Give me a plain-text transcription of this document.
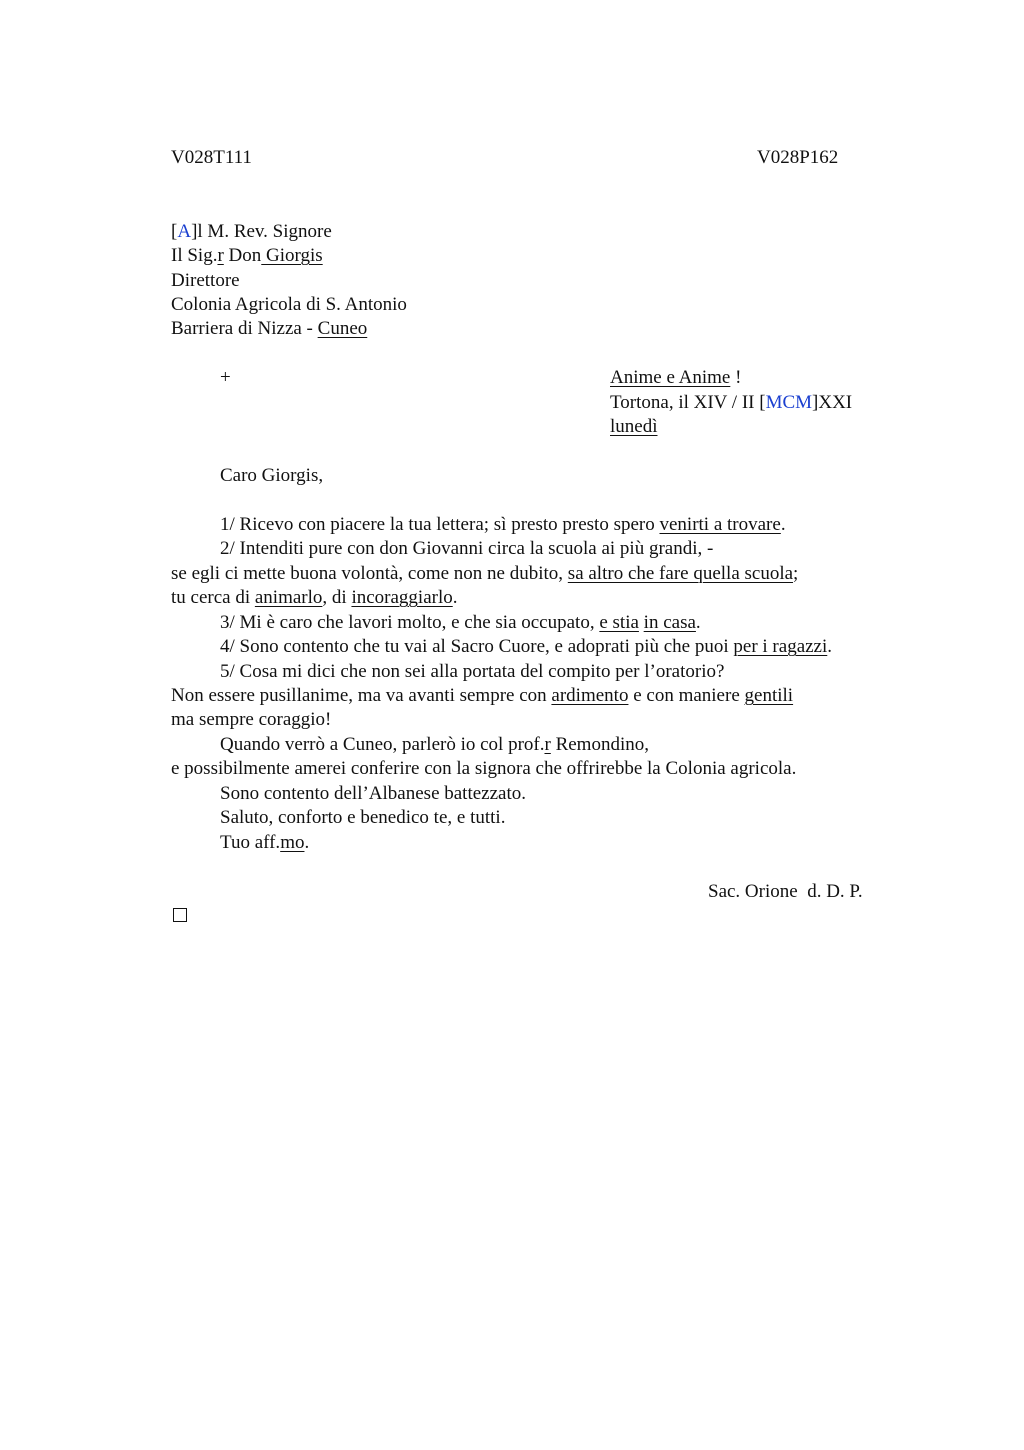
V028T111	V028P162
[A]l M. Rev. Signore
Il Sig.r Don Giorgis
Direttore
Colonia Agricola di S. Antonio
Barriera di Nizza - Cuneo
+	Anime e Anime !
Tortona, il XIV / II [MCM]XXI
lunedì
Caro Giorgis,
1/ Ricevo con piacere la tua lettera; sì presto presto spero venirti a trovare.
2/ Intenditi pure con don Giovanni circa la scuola ai più grandi, -
se egli ci mette buona volontà, come non ne dubito, sa altro che fare quella scuola;
tu cerca di animarlo, di incoraggiarlo.
3/ Mi è caro che lavori molto, e che sia occupato, e stia in casa.
4/ Sono contento che tu vai al Sacro Cuore, e adoprati più che puoi per i ragazzi.
5/ Cosa mi dici che non sei alla portata del compito per l’oratorio?
Non essere pusillanime, ma va avanti sempre con ardimento e con maniere gentili
ma sempre coraggio!
Quando verrò a Cuneo, parlerò io col prof.r Remondino,
e possibilmente amerei conferire con la signora che offrirebbe la Colonia agricola.
Sono contento dell’Albanese battezzato.
Saluto, conforto e benedico te, e tutti.
Tuo aff.mo.
Sac. Orione  d. D. P.
